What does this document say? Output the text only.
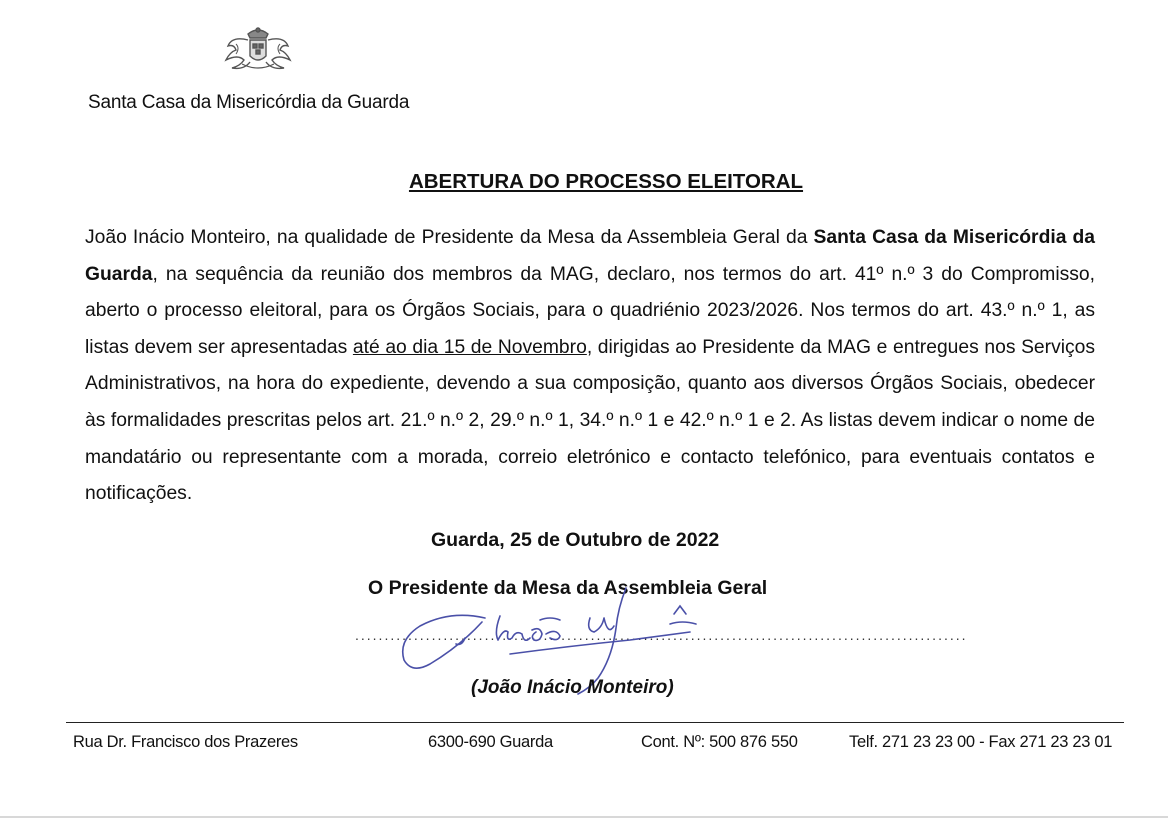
Santa Casa da Misericórdia da Guarda
ABERTURA DO PROCESSO ELEITORAL
João Inácio Monteiro, na qualidade de Presidente da Mesa da Assembleia Geral da Santa Casa da Misericórdia da Guarda, na sequência da reunião dos membros da MAG, declaro, nos termos do art. 41º n.º 3 do Compromisso, aberto o processo eleitoral, para os Órgãos Sociais, para o quadriénio 2023/2026. Nos termos do art. 43.º n.º 1, as listas devem ser apresentadas até ao dia 15 de Novembro, dirigidas ao Presidente da MAG e entregues nos Serviços Administrativos, na hora do expediente, devendo a sua composição, quanto aos diversos Órgãos Sociais, obedecer às formalidades prescritas pelos art. 21.º n.º 2, 29.º n.º 1, 34.º n.º 1 e 42.º n.º 1 e 2. As listas devem indicar o nome de mandatário ou representante com a morada, correio eletrónico e contacto telefónico, para eventuais contatos e notificações.
Guarda, 25 de Outubro de 2022
O Presidente da Mesa da Assembleia Geral
........................................................................................................
(João Inácio Monteiro)
Rua Dr. Francisco dos Prazeres	6300-690 Guarda	Cont. Nº: 500 876 550	Telf. 271 23 23 00 - Fax 271 23 23 01
